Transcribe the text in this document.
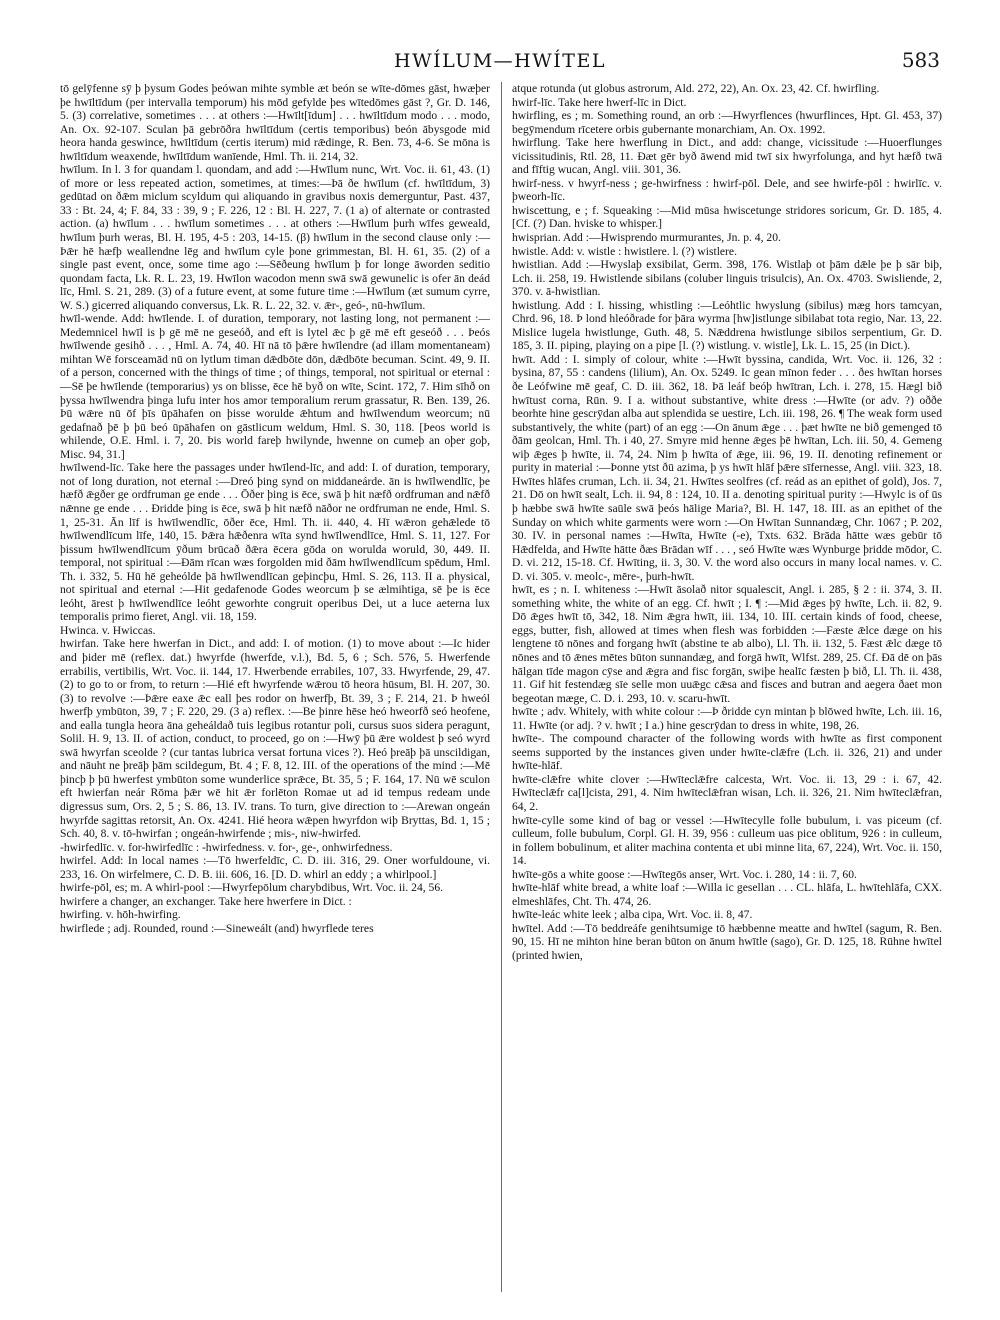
HWÍLUM—HWÍTEL	583

tō gelȳfenne sȳ þ þysum Godes þeówan mihte symble æt beón se wīte-dōmes gāst, hwæþer þe hwīltīdum (per intervalla temporum) his mōd gefylde þes wītedōmes gāst ?, Gr. D. 146, 5. (3) correlative, sometimes . . . at others :—Hwīlt[īdum] . . . hwīltīdum modo . . . modo, An. Ox. 92-107. Sculan þā gebrōðra hwīltīdum (certis temporibus) beón ābysgode mid heora handa geswince, hwīltīdum (certis iterum) mid rǣdinge, R. Ben. 73, 4-6. Se mōna is hwīltīdum weaxende, hwīltīdum wanīende, Hml. Th. ii. 214, 32.

hwīlum. In l. 3 for quandam l. quondam, and add :—Hwīlum nunc, Wrt. Voc. ii. 61, 43. (1) of more or less repeated action, sometimes, at times:—Þā ðe hwīlum (cf. hwīltīdum, 3) gedūtad on ðǣm miclum scyldum qui aliquando in gravibus noxis demerguntur, Past. 437, 33 : Bt. 24, 4; F. 84, 33 : 39, 9 ; F. 226, 12 : Bl. H. 227, 7. (1 a) of alternate or contrasted action. (a) hwīlum . . . hwīlum sometimes . . . at others :—Hwīlum þurh wīfes geweald, hwīlum þurh weras, Bl. H. 195, 4-5 : 203, 14-15. (β) hwīlum in the second clause only :—Þǣr hē hæfþ weallendne lēg and hwīlum cyle þone grimmestan, Bl. H. 61, 35. (2) of a single past event, once, some time ago :—Sēðeung hwīlum þ for longe āworden seditio quondam facta, Lk. R. L. 23, 19. Hwīlon wacodon menn swā swā gewunelic is ofer ān deád līc, Hml. S. 21, 289. (3) of a future event, at some future time :—Hwīlum (æt sumum cyrre, W. S.) gicerred aliquando conversus, Lk. R. L. 22, 32. v. ǣr-, geó-, nū-hwīlum.

hwīl-wende. Add: hwīlende. I. of duration, temporary, not lasting long, not permanent :—Medemnicel hwīl is þ gē mē ne geseóð, and eft is lytel ǣc þ gē mē eft geseóð . . . Þeós hwīlwende gesihð . . . , Hml. A. 74, 40. Hī nā tō þǣre hwīlendre (ad illam momentaneam) mihtan Wē forsceamād nū on lytlum timan dǣdbōte dōn, dǣdbōte becuman. Scint. 49, 9. II. of a person, concerned with the things of time ; of things, temporal, not spiritual or eternal :—Sē þe hwīlende (temporarius) ys on blisse, ēce hē byð on wīte, Scint. 172, 7. Him sīhð on þyssa hwīlwendra þinga lufu inter hos amor temporalium rerum grassatur, R. Ben. 139, 26. Þū wǣre nū ōf þīs ūpāhafen on þisse worulde ǣhtum and hwīlwendum weorcum; nū gedafnað þē þ þū beó ūpāhafen on gāstlicum weldum, Hml. S. 30, 118. [Þeos world is whilende, O.E. Hml. i. 7, 20. Þis world fareþ hwilynde, hwenne on cumeþ an oþer goþ, Misc. 94, 31.]

hwīlwend-līc. Take here the passages under hwīlend-līc, and add: I. of duration, temporary, not of long duration, not eternal :—Dreó þing synd on middaneárde. ān is hwīlwendlīc, þe hæfð ǣgðer ge ordfruman ge ende . . . Ōðer þing is ēce, swā þ hit næfð ordfruman and nǣfð nǣnne ge ende . . . Ðridde þing is ēce, swā þ hit næfð nāðor ne ordfruman ne ende, Hml. S. 1, 25-31. Ān līf is hwīlwendlīc, ōðer ēce, Hml. Th. ii. 440, 4. Hī wǣron gehǣlede tō hwīlwendlīcum līfe, 140, 15. Þǣra hǣðenra wīta synd hwīlwendlīce, Hml. S. 11, 127. For þissum hwīlwendlīcum ȳðum brūcað ðǣra ēcera gōda on worulda woruld, 30, 449. II. temporal, not spiritual :—Ðām rīcan wæs forgolden mid ðām hwīlwendlīcum spēdum, Hml. Th. i. 332, 5. Hū hē geheólde þā hwīlwendlīcan geþincþu, Hml. S. 26, 113. II a. physical, not spiritual and eternal :—Hit gedafenode Godes weorcum þ se ælmihtiga, sē þe is ēce leóht, ārest þ hwīlwendlīce leóht geworhte congruit operibus Dei, ut a luce aeterna lux temporalis primo fieret, Angl. vii. 18, 159.

Hwinca. v. Hwiccas.

hwirfan. Take here hwerfan in Dict., and add: I. of motion. (1) to move about :—Ic hider and þider mē (reflex. dat.) hwyrfde (hwerfde, v.l.), Bd. 5, 6 ; Sch. 576, 5. Hwerfende errabilis, vertibilis, Wrt. Voc. ii. 144, 17. Hwerbende errabiles, 107, 33. Hwyrfende, 29, 47. (2) to go to or from, to return :—Hié eft hwyrfende wǣrou tō heora hūsum, Bl. H. 207, 30. (3) to revolve :—Þǣre eaxe ǣc eall þes rodor on hwerfþ, Bt. 39, 3 ; F. 214, 21. Þ hweól hwerfþ ymbūton, 39, 7 ; F. 220, 29. (3 a) reflex. :—Be þinre hēse heó hweorfð seó heofene, and ealla tungla heora āna geheáldað tuis legibus rotantur poli, cursus suos sidera peragunt, Solil. H. 9, 13. II. of action, conduct, to proceed, go on :—Hwȳ þū ǣre woldest þ seó wyrd swā hwyrfan sceolde ? (cur tantas lubrica versat fortuna vices ?). Heó þreāþ þā unscildigan, and nāuht ne þreāþ þām scildegum, Bt. 4 ; F. 8, 12. III. of the operations of the mind :—Mē þincþ þ þū hwerfest ymbūton some wunderlice sprǣce, Bt. 35, 5 ; F. 164, 17. Nū wē sculon eft hwierfan neár Rōma þǣr wē hit ǣr forlēton Romae ut ad id tempus redeam unde digressus sum, Ors. 2, 5 ; S. 86, 13. IV. trans. To turn, give direction to :—Arewan ongeán hwyrfde sagittas retorsit, An. Ox. 4241. Hié heora wǣpen hwyrfdon wiþ Bryttas, Bd. 1, 15 ; Sch. 40, 8. v. tō-hwirfan ; ongeán-hwirfende ; mis-, niw-hwirfed.

-hwirfedlīc. v. for-hwirfedlīc : -hwirfedness. v. for-, ge-, onhwirfedness.

hwirfel. Add: In local names :—Tō hwerfeldīc, C. D. iii. 316, 29. Oner worfuldoune, vi. 233, 16. On wirfelmere, C. D. B. iii. 606, 16. [D. D. whirl an eddy ; a whirlpool.]

hwirfe-pōl, es; m. A whirl-pool :—Hwyrfepōlum charybdibus, Wrt. Voc. ii. 24, 56.

hwirfere a changer, an exchanger. Take here hwerfere in Dict. :

hwirfing. v. hōh-hwirfing.

hwirflede ; adj. Rounded, round :—Sineweált (and) hwyrflede teres

atque rotunda (ut globus astrorum, Ald. 272, 22), An. Ox. 23, 42. Cf. hwirfling.

hwirf-līc. Take here hwerf-līc in Dict.

hwirfling, es ; m. Something round, an orb :—Hwyrflences (hwurflinces, Hpt. Gl. 453, 37) begȳmendum rīcetere orbis gubernante monarchiam, An. Ox. 1992.

hwirflung. Take here hwerflung in Dict., and add: change, vicissitude :—Huoerflunges vicissitudinis, Rtl. 28, 11. Ðæt gēr byð āwend mid twī six hwyrfolunga, and hyt hæfð twā and fīftig wucan, Angl. viii. 301, 36.

hwirf-ness. v hwyrf-ness ; ge-hwirfness : hwirf-pōl. Dele, and see hwirfe-pōl : hwirlīc. v. þweorh-līc.

hwiscettung, e ; f. Squeaking :—Mid mūsa hwiscetunge stridores soricum, Gr. D. 185, 4. [Cf. (?) Dan. hviske to whisper.]

hwisprian. Add :—Hwisprendo murmurantes, Jn. p. 4, 20.

hwistle. Add: v. wistle : hwistlere. l. (?) wistlere.

hwistlian. Add :—Hwyslaþ exsibilat, Germ. 398, 176. Wistlaþ ot þām dǣle þe þ sār biþ, Lch. ii. 258, 19. Hwistlende sibilans (coluber linguis trisulcis), An. Ox. 4703. Swisliende, 2, 370. v. ā-hwistlian.

hwistlung. Add : I. hissing, whistling :—Leóhtlic hwyslung (sibilus) mæg hors tamcyan, Chrd. 96, 18. Þ lond hleóðrade for þāra wyrma [hw]istlunge sibilabat tota regio, Nar. 13, 22. Mislice lugela hwistlunge, Guth. 48, 5. Nǣddrena hwistlunge sibilos serpentium, Gr. D. 185, 3. II. piping, playing on a pipe [l. (?) wistlung. v. wistle], Lk. L. 15, 25 (in Dict.).

hwīt. Add : I. simply of colour, white :—Hwīt byssina, candida, Wrt. Voc. ii. 126, 32 : bysina, 87, 55 : candens (lilium), An. Ox. 5249. Ic gean mīnon feder . . . ðes hwītan horses ðe Leófwine mē geaf, C. D. iii. 362, 18. Þā leáf beóþ hwītran, Lch. i. 278, 15. Hægl bið hwītust corna, Rūn. 9. I a. without substantive, white dress :—Hwīte (or adv. ?) oððe beorhte hine gescrȳdan alba aut splendida se uestire, Lch. iii. 198, 26. ¶ The weak form used substantively, the white (part) of an egg :—On ānum ǣge . . . þæt hwīte ne bið gemenged tō ðām geolcan, Hml. Th. i 40, 27. Smyre mid henne ǣges þē hwītan, Lch. iii. 50, 4. Gemeng wiþ ǣges þ hwīte, ii. 74, 24. Nim þ hwīta of ǣge, iii. 96, 19. II. denoting refinement or purity in material :—Þonne ytst ðū azima, þ ys hwīt hlāf þǣre sīfernesse, Angl. viii. 323, 18. Hwītes hlāfes cruman, Lch. ii. 34, 21. Hwītes seolfres (cf. reád as an epithet of gold), Jos. 7, 21. Dō on hwīt sealt, Lch. ii. 94, 8 : 124, 10. II a. denoting spiritual purity :—Hwylc is of ūs þ hæbbe swā hwīte saūle swā þeós hālige Maria?, Bl. H. 147, 18. III. as an epithet of the Sunday on which white garments were worn :—On Hwītan Sunnandæg, Chr. 1067 ; P. 202, 30. IV. in personal names :—Hwīta, Hwīte (-e), Txts. 632. Brāda hātte wæs gebūr tō Hǣdfelda, and Hwīte hātte ðæs Brādan wīf . . . , seó Hwīte wæs Wynburge þridde mōdor, C. D. vi. 212, 15-18. Cf. Hwīting, ii. 3, 30. V. the word also occurs in many local names. v. C. D. vi. 305. v. meolc-, mēre-, þurh-hwīt.

hwīt, es ; n. I. whiteness :—Hwīt āsolað nitor squalescit, Angl. i. 285, § 2 : ii. 374, 3. II. something white, the white of an egg. Cf. hwīt ; I. ¶ :—Mid ǣges þȳ hwīte, Lch. ii. 82, 9. Dō ǣges hwīt tō, 342, 18. Nim ǣgra hwīt, iii. 134, 10. III. certain kinds of food, cheese, eggs, butter, fish, allowed at times when flesh was forbidden :—Fæste ǣlce dæge on his lengtene tō nōnes and forgang hwīt (abstine te ab albo), Ll. Th. ii. 132, 5. Fæst ǣlc dæge tō nōnes and tō ǣnes mētes būton sunnandæg, and forgā hwīt, Wlfst. 289, 25. Cf. Ðā dē on þās hālgan tīde magon cȳse and ǣgra and fisc forgān, swiþe healīc fæsten þ bið, Ll. Th. ii. 438, 11. Gif hit festendæg sīe selle mon uuǣgc cǣsa and fisces and butran and aegera ðaet mon begeotan mæge, C. D. i. 293, 10. v. scaru-hwīt.

hwīte ; adv. Whitely, with white colour :—Þ ðridde cyn mintan þ blōwed hwīte, Lch. iii. 16, 11. Hwīte (or adj. ? v. hwīt ; I a.) hine gescrȳdan to dress in white, 198, 26.

hwīte-. The compound character of the following words with hwīte as first component seems supported by the instances given under hwīte-clǣfre (Lch. ii. 326, 21) and under hwīte-hlāf.

hwīte-clǣfre white clover :—Hwīteclǣfre calcesta, Wrt. Voc. ii. 13, 29 : i. 67, 42. Hwīteclǣfr ca[l]cista, 291, 4. Nim hwīteclǣfran wisan, Lch. ii. 326, 21. Nim hwīteclǣfran, 64, 2.

hwīte-cylle some kind of bag or vessel :—Hwītecylle folle bubulum, i. vas piceum (cf. culleum, folle bubulum, Corpl. Gl. H. 39, 956 : culleum uas pice oblitum, 926 : in culleum, in follem bobulinum, et aliter machina contenta et ubi minne lita, 67, 224), Wrt. Voc. ii. 150, 14.

hwīte-gōs a white goose :—Hwītegōs anser, Wrt. Voc. i. 280, 14 : ii. 7, 60.

hwīte-hlāf white bread, a white loaf :—Willa ic gesellan . . . CL. hlāfa, L. hwītehlāfa, CXX. elmeshlāfes, Cht. Th. 474, 26.

hwīte-leác white leek ; alba cipa, Wrt. Voc. ii. 8, 47.

hwītel. Add :—Tō beddreáfe genihtsumige tō hæbbenne meatte and hwītel (sagum, R. Ben. 90, 15. Hī ne mihton hine beran būton on ānum hwītle (sago), Gr. D. 125, 18. Rūhne hwītel (printed hwien,
